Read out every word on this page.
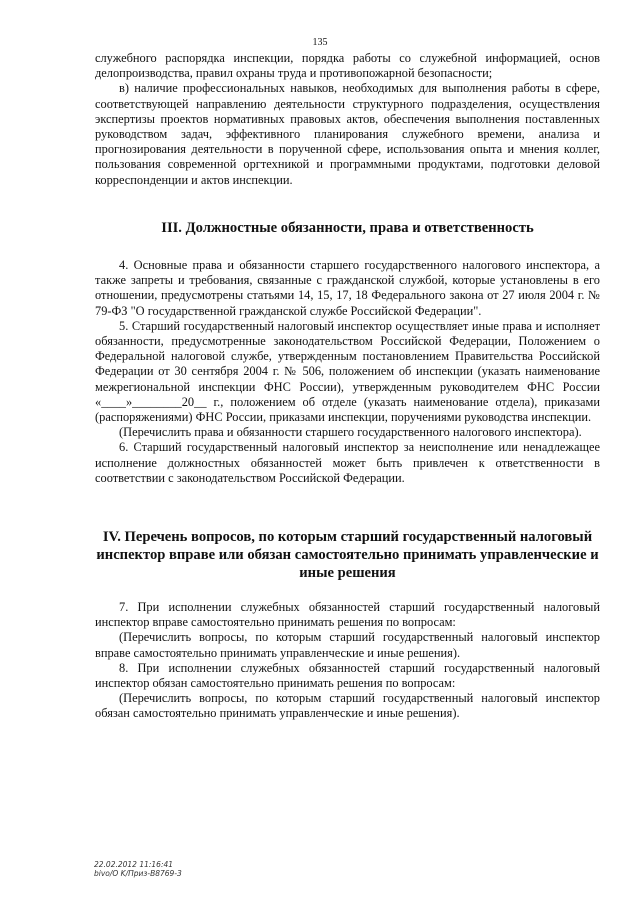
135

служебного распорядка инспекции, порядка работы со служебной информацией, основ делопроизводства, правил охраны труда и противопожарной безопасности;

в) наличие профессиональных навыков, необходимых для выполнения работы в сфере, соответствующей направлению деятельности структурного подразделения, осуществления экспертизы проектов нормативных правовых актов, обеспечения выполнения поставленных руководством задач, эффективного планирования служебного времени, анализа и прогнозирования деятельности в порученной сфере, использования опыта и мнения коллег, пользования современной оргтехникой и программными продуктами, подготовки деловой корреспонденции и актов инспекции.

III. Должностные обязанности, права и ответственность

4. Основные права и обязанности старшего государственного налогового инспектора, а также запреты и требования, связанные с гражданской службой, которые установлены в его отношении, предусмотрены статьями 14, 15, 17, 18 Федерального закона от 27 июля 2004 г. № 79-ФЗ "О государственной гражданской службе Российской Федерации".

5. Старший государственный налоговый инспектор осуществляет иные права и исполняет обязанности, предусмотренные законодательством Российской Федерации, Положением о Федеральной налоговой службе, утвержденным постановлением Правительства Российской Федерации от 30 сентября 2004 г. № 506, положением об инспекции (указать наименование межрегиональной инспекции ФНС России), утвержденным руководителем ФНС России «____»________20__ г., положением об отделе (указать наименование отдела), приказами (распоряжениями) ФНС России, приказами инспекции, поручениями руководства инспекции.

(Перечислить права и обязанности старшего государственного налогового инспектора).

6. Старший государственный налоговый инспектор за неисполнение или ненадлежащее исполнение должностных обязанностей может быть привлечен к ответственности в соответствии с законодательством Российской Федерации.

IV. Перечень вопросов, по которым старший государственный налоговый инспектор вправе или обязан самостоятельно принимать управленческие и иные решения

7. При исполнении служебных обязанностей старший государственный налоговый инспектор вправе самостоятельно принимать решения по вопросам:

(Перечислить вопросы, по которым старший государственный налоговый инспектор вправе самостоятельно принимать управленческие и иные решения).

8. При исполнении служебных обязанностей старший государственный налоговый инспектор обязан самостоятельно принимать решения по вопросам:

(Перечислить вопросы, по которым старший государственный налоговый инспектор обязан самостоятельно принимать управленческие и иные решения).

22.02.2012 11:16:41
bivo/O K/Приз-В8769-3
